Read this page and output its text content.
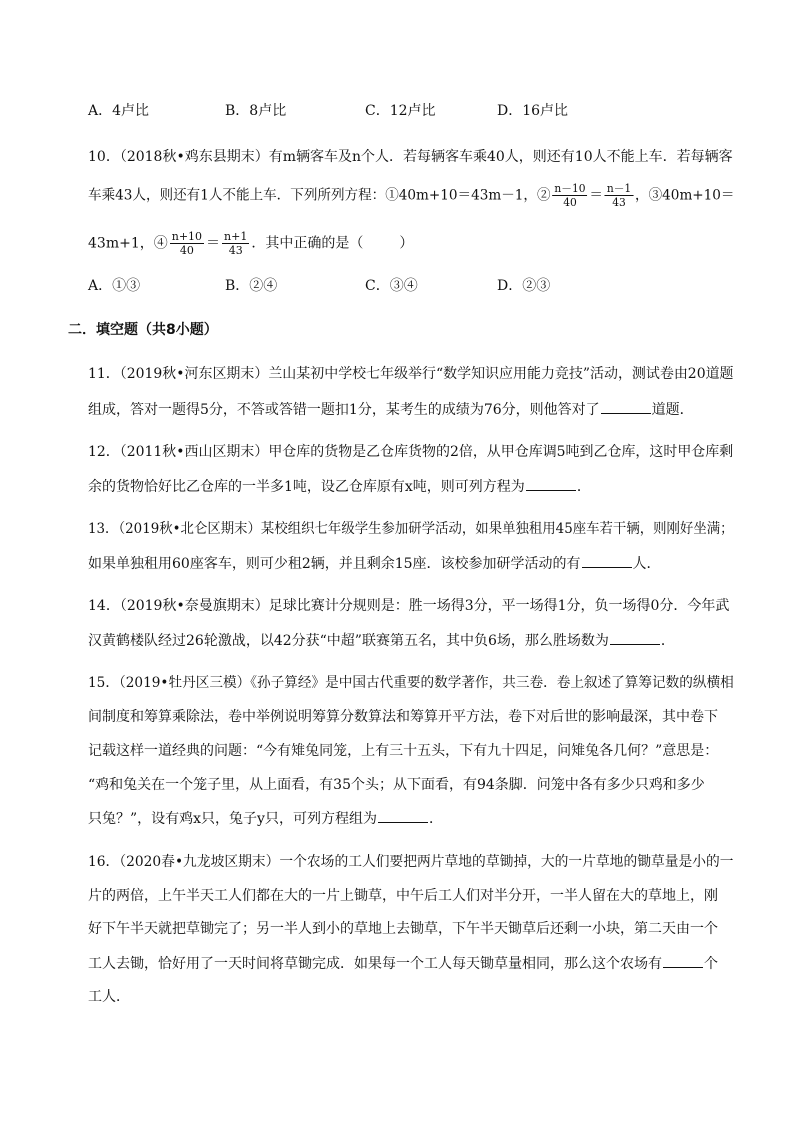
A．4卢比	B．8卢比	C．12卢比	D．16卢比
10．（2018秋•鸡东县期末）有m辆客车及n个人．若每辆客车乘40人，则还有10人不能上车．若每辆客
车乘43人，则还有1人不能上车．下列所列方程：①40m+10＝43m－1，② $\frac{n-10}{40} = \frac{n-1}{43}$ ，③40m+10＝
43m+1，④ $\frac{n+10}{40} = \frac{n+1}{43}$ ．其中正确的是（	）
A．①③	B．②④	C．③④	D．②③
二．填空题（共8小题）
11．（2019秋•河东区期末）兰山某初中学校七年级举行“数学知识应用能力竞技”活动，测试卷由20道题
组成，答对一题得5分，不答或答错一题扣1分，某考生的成绩为76分，则他答对了	道题．
12．（2011秋•西山区期末）甲仓库的货物是乙仓库货物的2倍，从甲仓库调5吨到乙仓库，这时甲仓库剩
余的货物恰好比乙仓库的一半多1吨，设乙仓库原有x吨，则可列方程为	．
13．（2019秋•北仑区期末）某校组织七年级学生参加研学活动，如果单独租用45座车若干辆，则刚好坐满；
如果单独租用60座客车，则可少租2辆，并且剩余15座．该校参加研学活动的有	人．
14．（2019秋•奈曼旗期末）足球比赛计分规则是：胜一场得3分，平一场得1分，负一场得0分．今年武
汉黄鹤楼队经过26轮激战，以42分获“中超”联赛第五名，其中负6场，那么胜场数为	．
15．（2019•牡丹区三模）《孙子算经》是中国古代重要的数学著作，共三卷．卷上叙述了算筹记数的纵横相
间制度和筹算乘除法，卷中举例说明筹算分数算法和筹算开平方法，卷下对后世的影响最深，其中卷下
记载这样一道经典的问题：“今有雉兔同笼，上有三十五头，下有九十四足，问雉兔各几何？”意思是：
“鸡和兔关在一个笼子里，从上面看，有35个头；从下面看，有94条脚．问笼中各有多少只鸡和多少
只兔？”，设有鸡x只，兔子y只，可列方程组为	．
16．（2020春•九龙坡区期末）一个农场的工人们要把两片草地的草锄掉，大的一片草地的锄草量是小的一
片的两倍，上午半天工人们都在大的一片上锄草，中午后工人们对半分开，一半人留在大的草地上，刚
好下午半天就把草锄完了；另一半人到小的草地上去锄草，下午半天锄草后还剩一小块，第二天由一个
工人去锄，恰好用了一天时间将草锄完成．如果每一个工人每天锄草量相同，那么这个农场有	个
工人．
